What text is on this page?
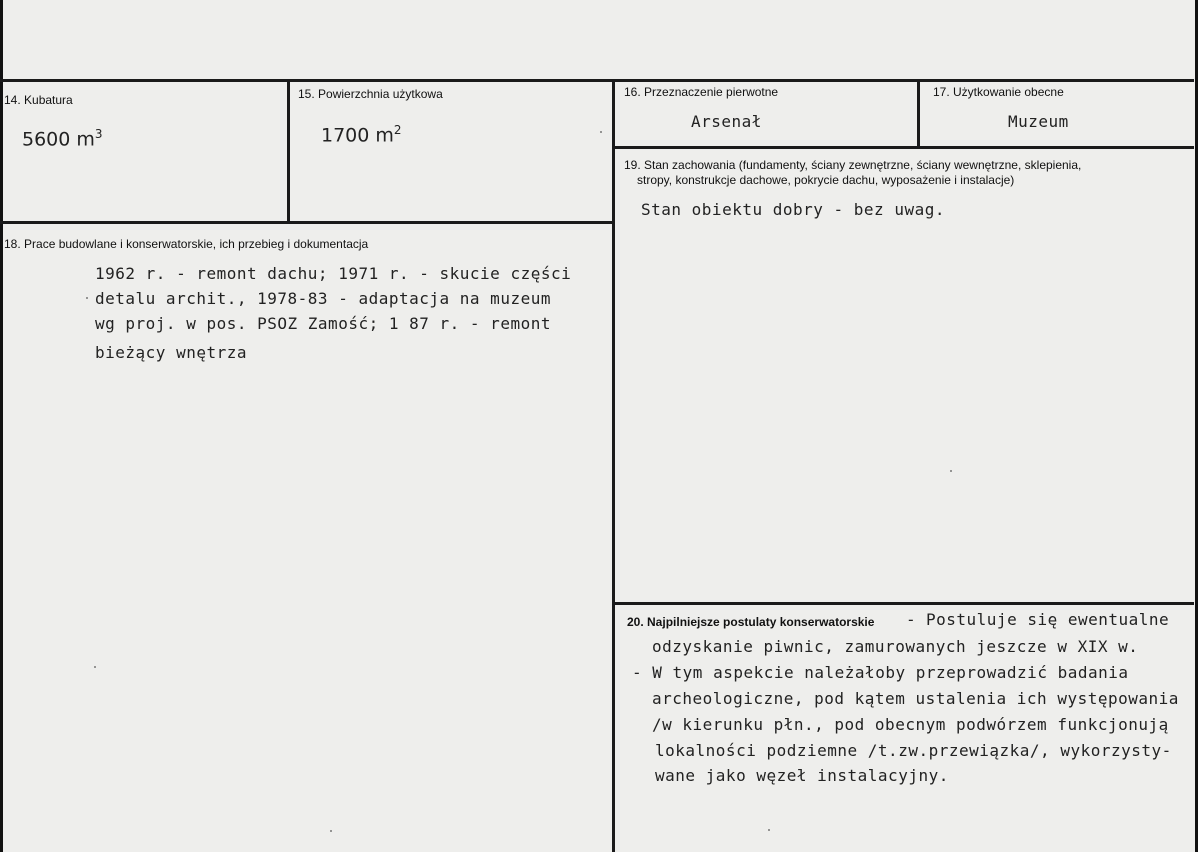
14. Kubatura
5600 $m^3$
15. Powierzchnia użytkowa
1700 $m^2$
16. Przeznaczenie pierwotne
Arsenał
17. Użytkowanie obecne
Muzeum
18. Prace budowlane i konserwatorskie, ich przebieg i dokumentacja
1962 r. - remont dachu; 1971 r. - skucie części
detalu archit., 1978-83 - adaptacja na muzeum
wg proj. w pos. PSOZ Zamość; 1 87 r. - remont
bieżący wnętrza
19. Stan zachowania (fundamenty, ściany zewnętrzne, ściany wewnętrzne, sklepienia,
stropy, konstrukcje dachowe, pokrycie dachu, wyposażenie i instalacje)
Stan obiektu dobry - bez uwag.
20. Najpilniejsze postulaty konserwatorskie - Postuluje się ewentualne
odzyskanie piwnic, zamurowanych jeszcze w XIX w.
- W tym aspekcie należałoby przeprowadzić badania
archeologiczne, pod kątem ustalenia ich występowania
/w kierunku płn., pod obecnym podwórzem funkcjonują
lokalności podziemne /t.zw.przewiązka/, wykorzysty-
wane jako węzeł instalacyjny.
